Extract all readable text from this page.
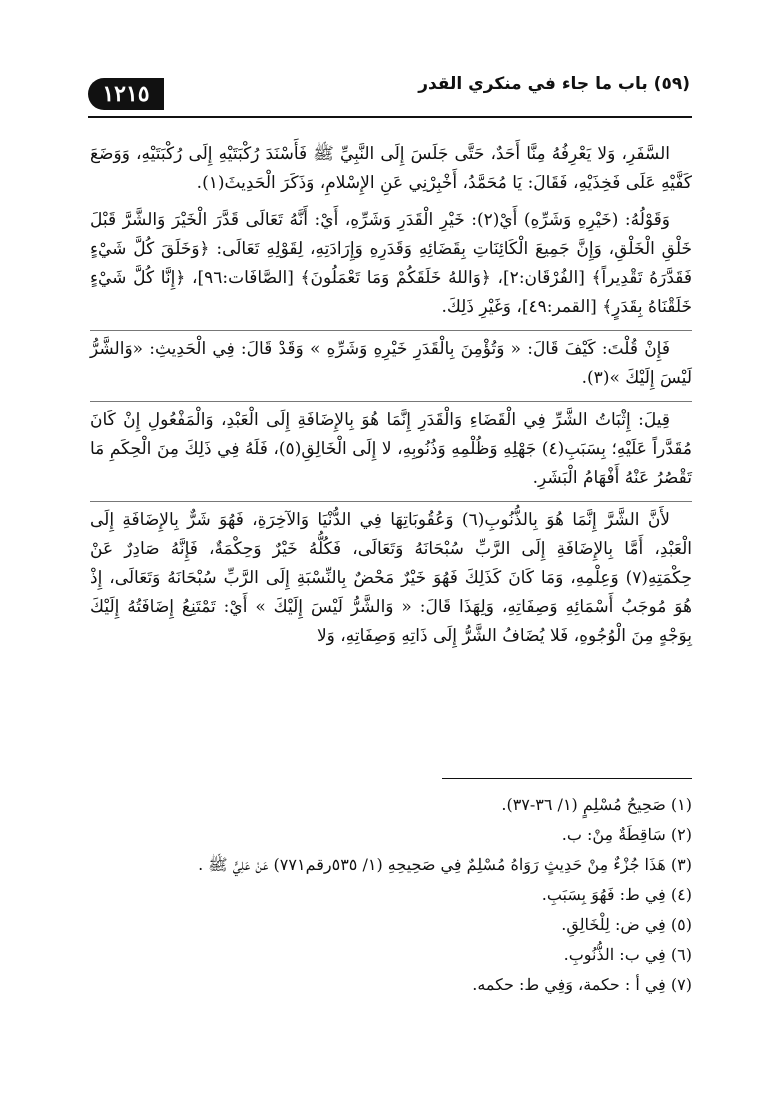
١٢١٥	(٥٩) باب ما جاء في منكري القدر

السَّفَرِ، وَلا يَعْرِفُهُ مِنَّا أَحَدٌ، حَتَّى جَلَسَ إِلَى النَّبِيِّ ﷺ فَأَسْنَدَ رُكْبَتَيْهِ إِلَى رُكْبَتَيْهِ، وَوَضَعَ كَفَّيْهِ عَلَى فَخِذَيْهِ، فَقَالَ: يَا مُحَمَّدُ، أَخْبِرْنِي عَنِ الإِسْلامِ، وَذَكَرَ الْحَدِيثَ(١).

وَقَوْلُهُ: (خَيْرِهِ وَشَرِّهِ) أَيْ(٢): خَيْرِ الْقَدَرِ وَشَرِّهِ، أَيْ: أَنَّهُ تَعَالَى قَدَّرَ الْخَيْرَ وَالشَّرَّ قَبْلَ خَلْقِ الْخَلْقِ، وَإِنَّ جَمِيعَ الْكَائِنَاتِ بِقَضَائِهِ وَقَدَرِهِ وَإِرَادَتِهِ، لِقَوْلِهِ تَعَالَى: ﴿وَخَلَقَ كُلَّ شَيْءٍ فَقَدَّرَهُ تَقْدِيراً﴾ [الفُرْقَان:٢]، ﴿وَاللهُ خَلَقَكُمْ وَمَا تَعْمَلُونَ﴾ [الصَّافَات:٩٦]، ﴿إِنَّا كُلَّ شَيْءٍ خَلَقْنَاهُ بِقَدَرٍ﴾ [القمر:٤٩]، وَغَيْرِ ذَلِكَ.

فَإِنْ قُلْتَ: كَيْفَ قَالَ: « وَتُؤْمِنَ بِالْقَدَرِ خَيْرِهِ وَشَرِّهِ » وَقَدْ قَالَ: فِي الْحَدِيثِ: «وَالشَّرُّ لَيْسَ إِلَيْكَ »(٣).

قِيلَ: إِثْبَاتُ الشَّرِّ فِي الْقَضَاءِ وَالْقَدَرِ إِنَّمَا هُوَ بِالإِضَافَةِ إِلَى الْعَبْدِ، وَالْمَفْعُولِ إِنْ كَانَ مُقَدَّراً عَلَيْهِ؛ بِسَبَبِ(٤) جَهْلِهِ وَظُلْمِهِ وَذُنُوبِهِ، لا إِلَى الْخَالِقِ(٥)، فَلَهُ فِي ذَلِكَ مِنَ الْحِكَمِ مَا تَقْصُرُ عَنْهُ أَفْهَامُ الْبَشَرِ.

لأَنَّ الشَّرَّ إِنَّمَا هُوَ بِالذُّنُوبِ(٦) وَعُقُوبَاتِهَا فِي الدُّنْيَا وَالآخِرَةِ، فَهُوَ شَرٌّ بِالإِضَافَةِ إِلَى الْعَبْدِ، أَمَّا بِالإِضَافَةِ إِلَى الرَّبِّ سُبْحَانَهُ وَتَعَالَى، فَكُلُّهُ خَيْرٌ وَحِكْمَةٌ، فَإِنَّهُ صَادِرٌ عَنْ حِكْمَتِهِ(٧) وَعِلْمِهِ، وَمَا كَانَ كَذَلِكَ فَهُوَ خَيْرٌ مَحْضٌ بِالنِّسْبَةِ إِلَى الرَّبِّ سُبْحَانَهُ وَتَعَالَى، إِذْ هُوَ مُوجَبُ أَسْمَائِهِ وَصِفَاتِهِ، وَلِهَذَا قَالَ: « وَالشَّرُّ لَيْسَ إِلَيْكَ » أَيْ: تَمْتَنِعُ إِضَافَتُهُ إِلَيْكَ بِوَجْهٍ مِنَ الْوُجُوهِ، فَلا يُضَافُ الشَّرُّ إِلَى ذَاتِهِ وَصِفَاتِهِ، وَلا

(١) صَحِيحُ مُسْلِمٍ (١/ ٣٦-٣٧).

(٢) سَاقِطَةٌ مِنْ: ب.

(٣) هَذَا جُزْءٌ مِنْ حَدِيثٍ رَوَاهُ مُسْلِمٌ فِي صَحِيحِهِ (١/ ٥٣٥رقم٧٧١) عَنْ عَلِيٍّ ﷺ .

(٤) فِي ط: فَهُوَ بِسَبَبِ.

(٥) فِي ض: لِلْخَالِقِ.

(٦) فِي ب: الذُّنُوبِ.

(٧) فِي أ : حكمة، وَفِي ط: حكمه.
